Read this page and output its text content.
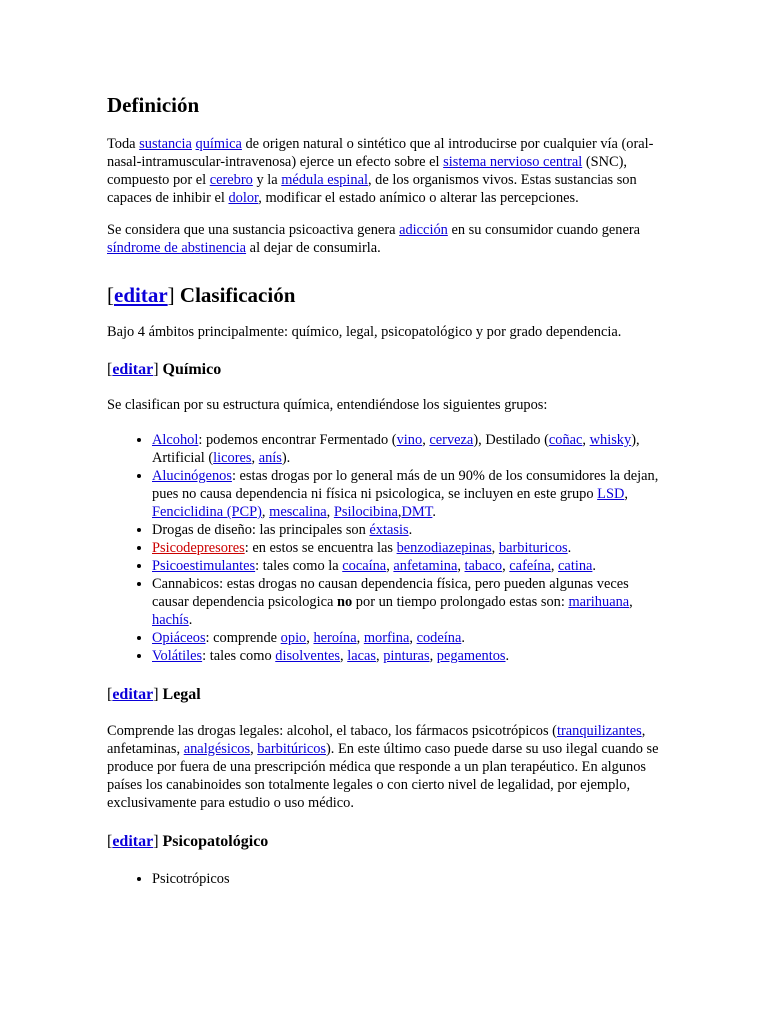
Definición

Toda sustancia química de origen natural o sintético que al introducirse por cualquier vía (oral-nasal-intramuscular-intravenosa) ejerce un efecto sobre el sistema nervioso central (SNC), compuesto por el cerebro y la médula espinal, de los organismos vivos. Estas sustancias son capaces de inhibir el dolor, modificar el estado anímico o alterar las percepciones.

Se considera que una sustancia psicoactiva genera adicción en su consumidor cuando genera síndrome de abstinencia al dejar de consumirla.

[editar] Clasificación

Bajo 4 ámbitos principalmente: químico, legal, psicopatológico y por grado dependencia.

[editar] Químico

Se clasifican por su estructura química, entendiéndose los siguientes grupos:

• Alcohol: podemos encontrar Fermentado (vino, cerveza), Destilado (coñac, whisky), Artificial (licores, anís).
• Alucinógenos: estas drogas por lo general más de un 90% de los consumidores la dejan, pues no causa dependencia ni física ni psicologica, se incluyen en este grupo LSD, Fenciclidina (PCP), mescalina, Psilocibina,DMT.
• Drogas de diseño: las principales son éxtasis.
• Psicodepresores: en estos se encuentra las benzodiazepinas, barbituricos.
• Psicoestimulantes: tales como la cocaína, anfetamina, tabaco, cafeína, catina.
• Cannabicos: estas drogas no causan dependencia física, pero pueden algunas veces causar dependencia psicologica no por un tiempo prolongado estas son: marihuana, hachís.
• Opiáceos: comprende opio, heroína, morfina, codeína.
• Volátiles: tales como disolventes, lacas, pinturas, pegamentos.
[editar] Legal

Comprende las drogas legales: alcohol, el tabaco, los fármacos psicotrópicos (tranquilizantes, anfetaminas, analgésicos, barbitúricos). En este último caso puede darse su uso ilegal cuando se produce por fuera de una prescripción médica que responde a un plan terapéutico. En algunos países los canabinoides son totalmente legales o con cierto nivel de legalidad, por ejemplo, exclusivamente para estudio o uso médico.

[editar] Psicopatológico
• Psicotrópicos
